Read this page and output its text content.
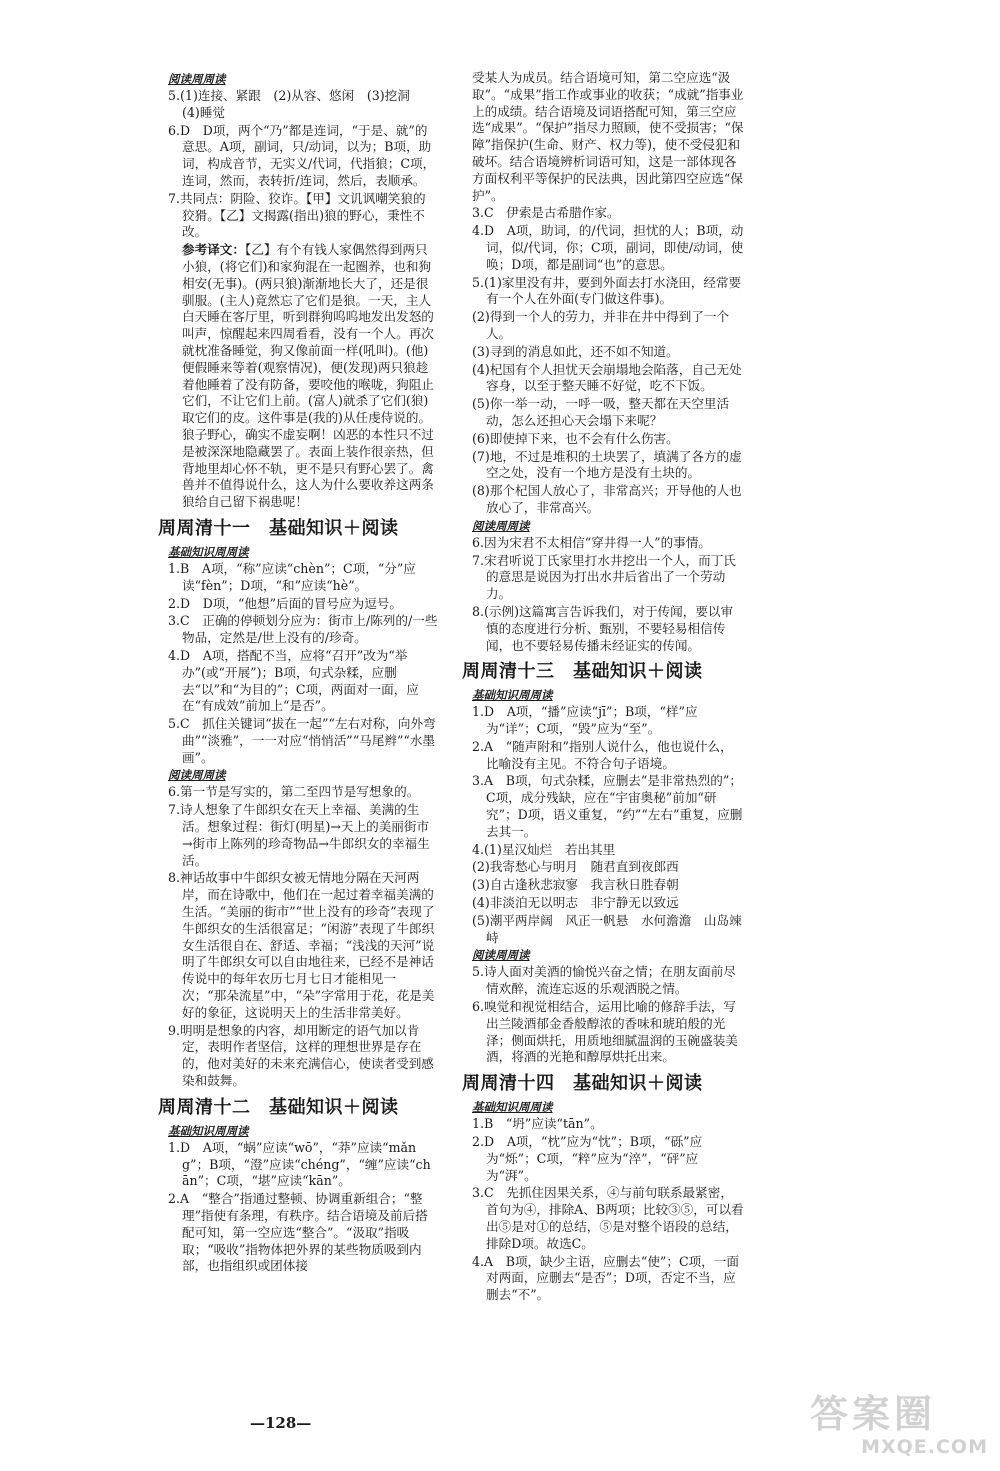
阅读周周读
5.(1)连接、紧跟　(2)从容、悠闲　(3)挖洞　(4)睡觉
6.D　D项，两个“乃”都是连词，“于是、就”的意思。A项，副词，只/动词，以为；B项，助词，构成音节，无实义/代词，代指狼；C项，连词，然而，表转折/连词，然后，表顺承。
7.共同点：阴险、狡诈。【甲】文讥讽嘲笑狼的狡猾。【乙】文揭露(指出)狼的野心，秉性不改。
参考译文：【乙】有个有钱人家偶然得到两只小狼，(将它们)和家狗混在一起圈养，也和狗相安(无事)。(两只狼)渐渐地长大了，还是很驯服。(主人)竟然忘了它们是狼。一天，主人白天睡在客厅里，听到群狗呜呜地发出发怒的叫声，惊醒起来四周看看，没有一个人。再次就枕准备睡觉，狗又像前面一样(吼叫)。(他)便假睡来等着(观察情况)，便(发现)两只狼趁着他睡着了没有防备，要咬他的喉咙，狗阻止它们，不让它们上前。(富人)就杀了它们(狼)取它们的皮。这件事是(我的)从任虔侍说的。狼子野心，确实不虚妄啊！凶恶的本性只不过是被深深地隐藏罢了。表面上装作很亲热，但背地里却心怀不轨，更不是只有野心罢了。禽兽并不值得说什么，这人为什么要收养这两条狼给自己留下祸患呢！
周周清十一　基础知识＋阅读
基础知识周周读
1.B　A项，“称”应读“chèn”；C项，“分”应读“fèn”；D项，“和”应读“hè”。
2.D　D项，“他想”后面的冒号应为逗号。
3.C　正确的停顿划分应为：街市上/陈列的/一些物品，定然是/世上没有的/珍奇。
4.D　A项，搭配不当，应将“召开”改为“举办”(或“开展”)；B项，句式杂糅，应删去“以”和“为目的”；C项，两面对一面，应在“有成效”前加上“是否”。
5.C　抓住关键词“拔在一起”“左右对称，向外弯曲”“淡雅”，一一对应“悄悄活”“马尾辫”“水墨画”。
阅读周周读
6.第一节是写实的，第二至四节是写想象的。
7.诗人想象了牛郎织女在天上幸福、美满的生活。想象过程：街灯(明星)→天上的美丽街市→街市上陈列的珍奇物品→牛郎织女的幸福生活。
8.神话故事中牛郎织女被无情地分隔在天河两岸，而在诗歌中，他们在一起过着幸福美满的生活。“美丽的街市”“世上没有的珍奇”表现了牛郎织女的生活很富足；“闲游”表现了牛郎织女生活很自在、舒适、幸福；“浅浅的天河”说明了牛郎织女可以自由地往来，已经不是神话传说中的每年农历七月七日才能相见一次；“那朵流星”中，“朵”字常用于花，花是美好的象征，这说明天上的生活非常美好。
9.明明是想象的内容，却用断定的语气加以肯定，表明作者坚信，这样的理想世界是存在的，他对美好的未来充满信心，使读者受到感染和鼓舞。
周周清十二　基础知识＋阅读
基础知识周周读
1.D　A项，“蜗”应读“wō”，“莽”应读“mǎng”；B项，“澄”应读“chéng”，“缠”应读“chān”；C项，“堪”应读“kān”。
2.A　“整合”指通过整顿、协调重新组合；“整理”指使有条理，有秩序。结合语境及前后搭配可知，第一空应选“整合”。“汲取”指吸取；“吸收”指物体把外界的某些物质吸到内部，也指组织或团体接
受某人为成员。结合语境可知，第二空应选“汲取”。“成果”指工作或事业的收获；“成就”指事业上的成绩。结合语境及词语搭配可知，第三空应选“成果”。“保护”指尽力照顾，使不受损害；“保障”指保护(生命、财产、权力等)，使不受侵犯和破坏。结合语境辨析词语可知，这是一部体现各方面权利平等保护的民法典，因此第四空应选“保护”。
3.C　伊索是古希腊作家。
4.D　A项，助词，的/代词，担忧的人；B项，动词，似/代词，你；C项，副词，即使/动词，使唤；D项，都是副词“也”的意思。
5.(1)家里没有井，要到外面去打水浇田，经常要有一个人在外面(专门做这件事)。
(2)得到一个人的劳力，并非在井中得到了一个人。
(3)寻到的消息如此，还不如不知道。
(4)杞国有个人担忧天会崩塌地会陷落，自己无处容身，以至于整天睡不好觉，吃不下饭。
(5)你一举一动，一呼一吸，整天都在天空里活动，怎么还担心天会塌下来呢？
(6)即使掉下来，也不会有什么伤害。
(7)地，不过是堆积的土块罢了，填满了各方的虚空之处，没有一个地方是没有土块的。
(8)那个杞国人放心了，非常高兴；开导他的人也放心了，非常高兴。
阅读周周读
6.因为宋君不太相信“穿井得一人”的事情。
7.宋君听说丁氏家里打水井挖出一个人，而丁氏的意思是说因为打出水井后省出了一个劳动力。
8.(示例)这篇寓言告诉我们，对于传闻，要以审慎的态度进行分析、甄别，不要轻易相信传闻，也不要轻易传播未经证实的传闻。
周周清十三　基础知识＋阅读
基础知识周周读
1.D　A项，“播”应读“jī”；B项，“样”应为“详”；C项，“毁”应为“至”。
2.A　“随声附和”指别人说什么，他也说什么，比喻没有主见。不符合句子语境。
3.A　B项，句式杂糅，应删去“是非常热烈的”；C项，成分残缺，应在“宇宙奥秘”前加“研究”；D项，语义重复，“约”“左右”重复，应删去其一。
4.(1)星汉灿烂　若出其里
(2)我寄愁心与明月　随君直到夜郎西
(3)自古逢秋悲寂寥　我言秋日胜春朝
(4)非淡泊无以明志　非宁静无以致远
(5)潮平两岸阔　风正一帆悬　水何澹澹　山岛竦峙
阅读周周读
5.诗人面对美酒的愉悦兴奋之情；在朋友面前尽情欢醉，流连忘返的乐观洒脱之情。
6.嗅觉和视觉相结合，运用比喻的修辞手法，写出兰陵酒郁金香般醇浓的香味和琥珀般的光泽；侧面烘托，用质地细腻温润的玉碗盛装美酒，将酒的光艳和醇厚烘托出来。
周周清十四　基础知识＋阅读
基础知识周周读
1.B　“坍”应读“tān”。
2.D　A项，“枕”应为“忱”；B项，“砾”应为“烁”；C项，“粹”应为“淬”，“砰”应为“湃”。
3.C　先抓住因果关系，④与前句联系最紧密，首句为④，排除A、B两项；比较③⑤，可以看出⑤是对①的总结，⑤是对整个语段的总结，排除D项。故选C。
4.A　B项，缺少主语，应删去“使”；C项，一面对两面，应删去“是否”；D项，否定不当，应删去“不”。
—128—	答案圈
MXQE.COM
